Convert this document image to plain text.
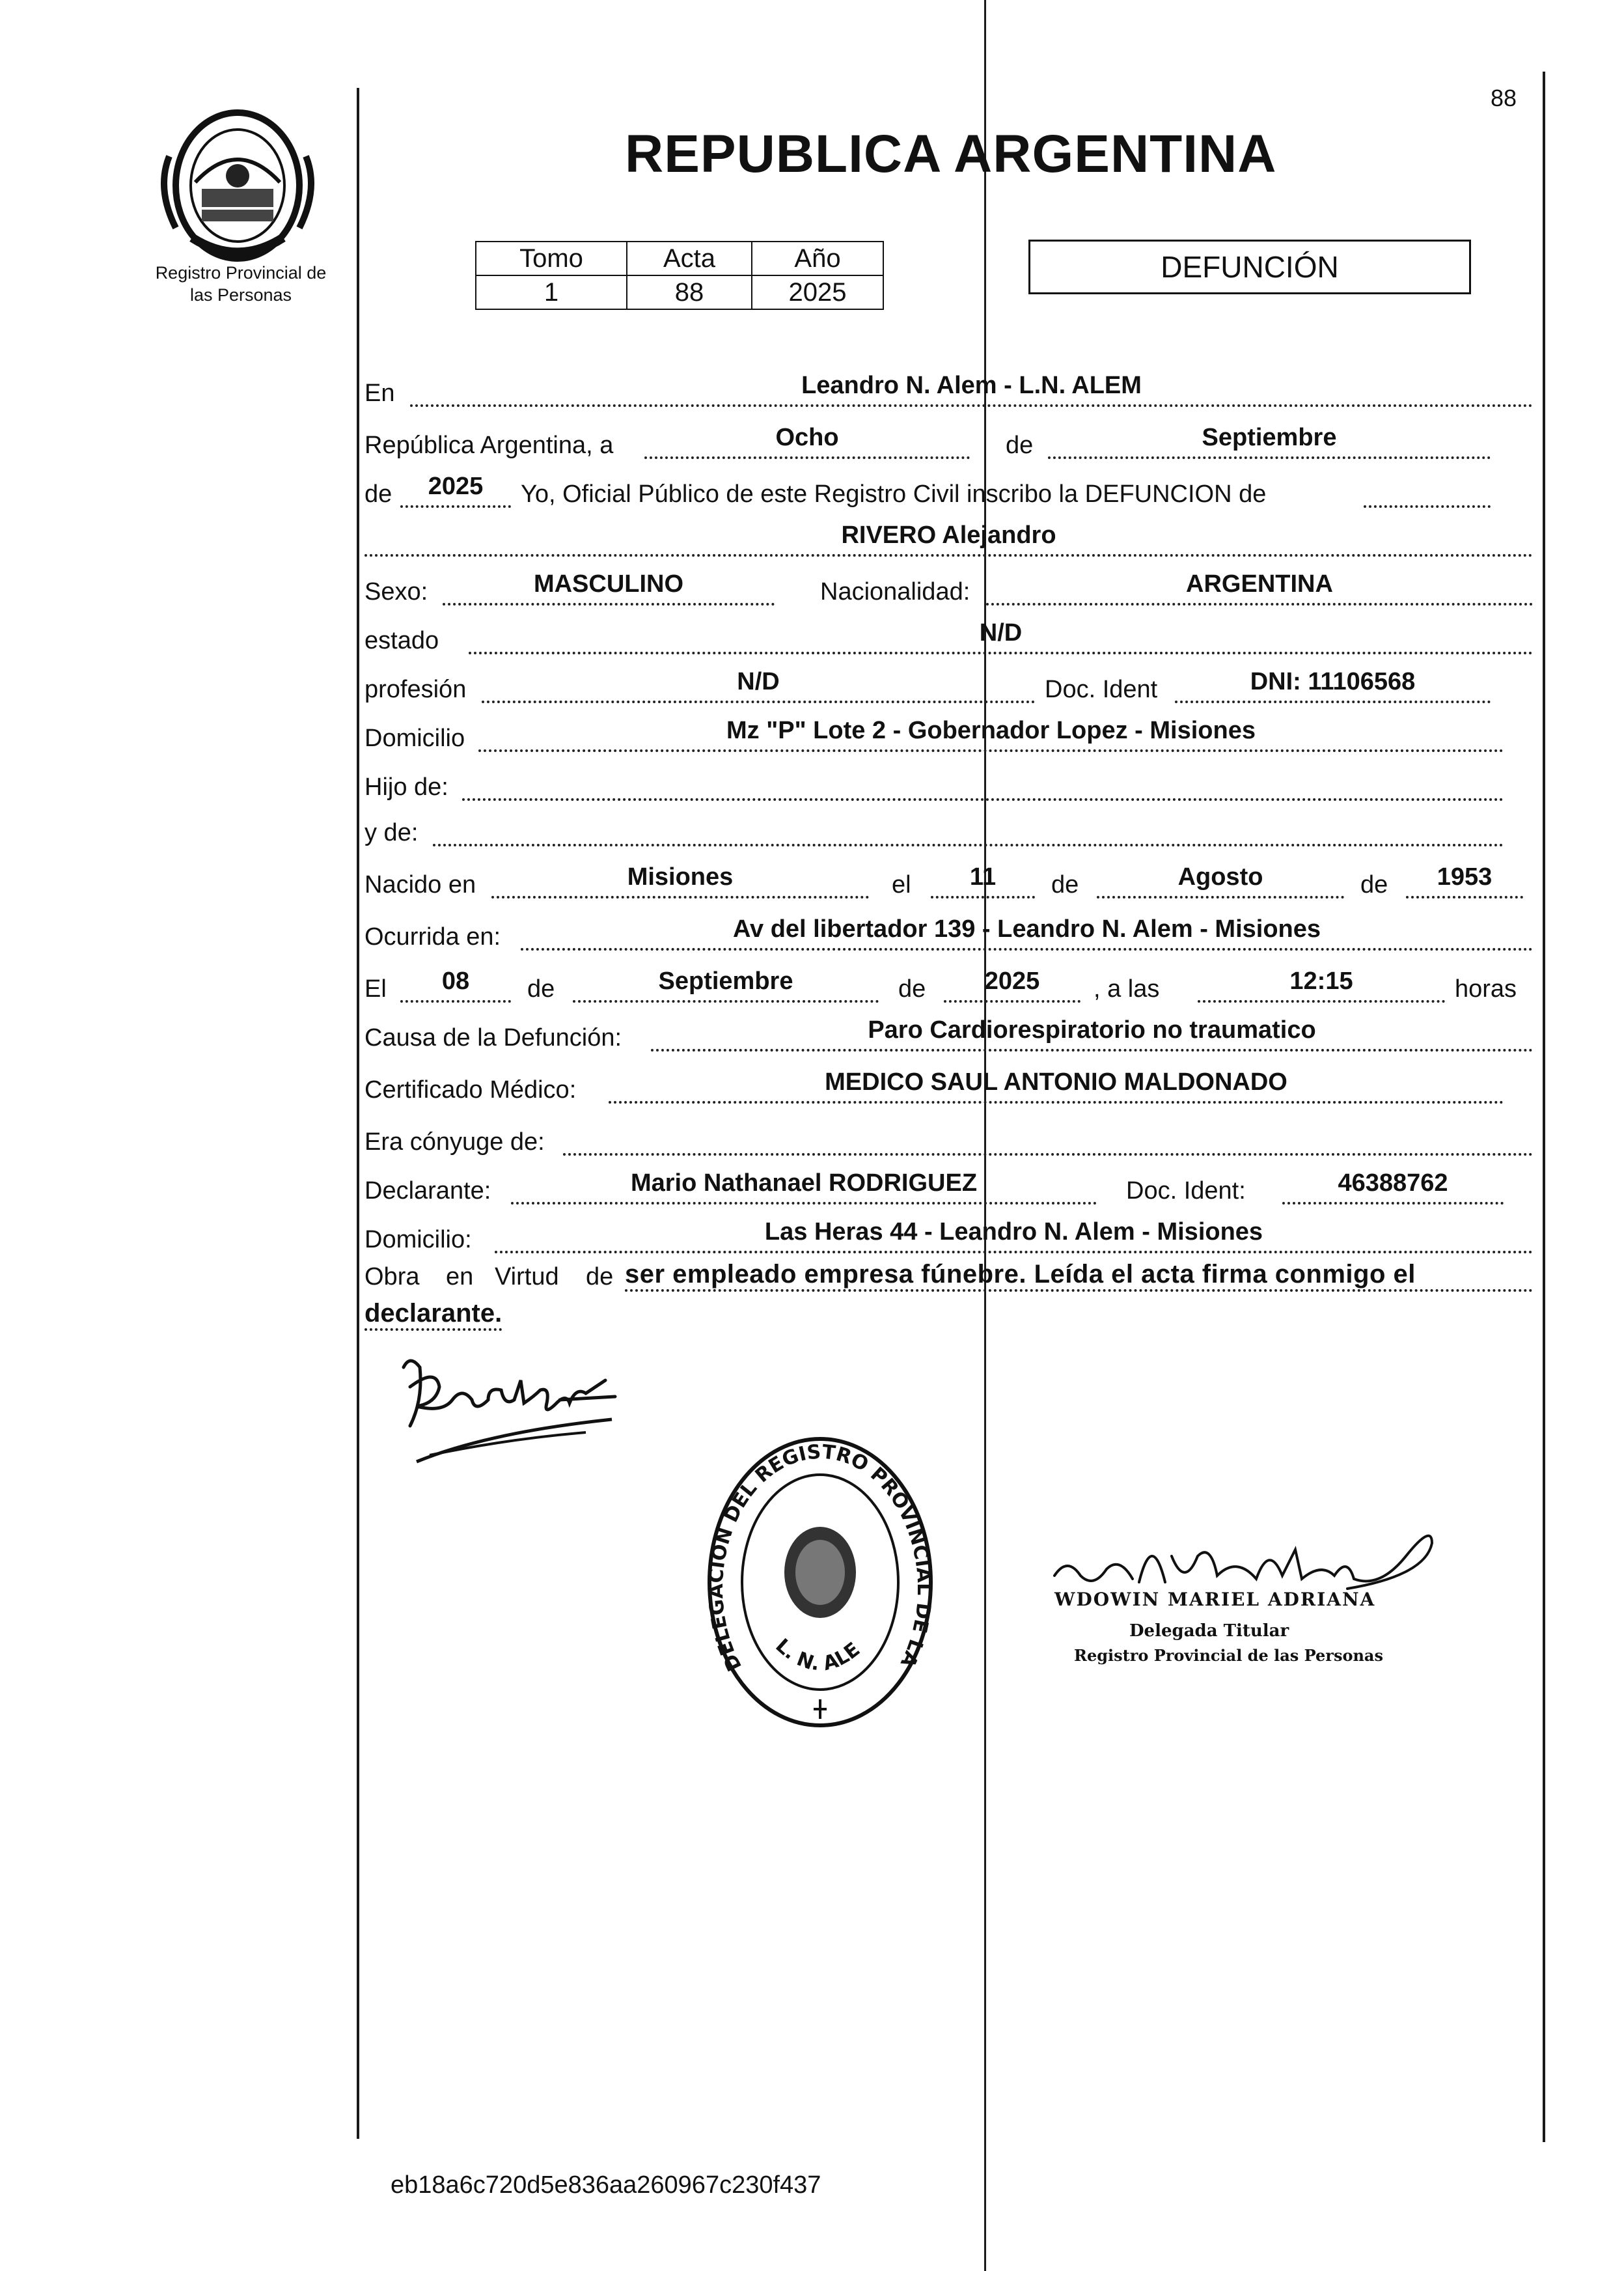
88
Registro Provincial de
las Personas
REPUBLICA ARGENTINA
Tomo	Acta	Año
1	88	2025
DEFUNCIÓN
En	Leandro N. Alem - L.N. ALEM
República Argentina, a	Ocho	de	Septiembre
de	2025	Yo, Oficial Público de este Registro Civil inscribo la DEFUNCION de
RIVERO Alejandro
Sexo:	MASCULINO	Nacionalidad:	ARGENTINA
estado	N/D
profesión	N/D	Doc. Ident	DNI: 11106568
Domicilio	Mz "P" Lote 2 - Gobernador Lopez - Misiones
Hijo de:
y de:
Nacido en	Misiones	el	11	de	Agosto	de	1953
Ocurrida en:	Av del libertador 139 - Leandro N. Alem - Misiones
El	08	de	Septiembre	de	2025	, a las	12:15	horas
Causa de la Defunción:	Paro Cardiorespiratorio no traumatico
Certificado Médico:	MEDICO SAUL ANTONIO MALDONADO
Era cónyuge de:
Declarante:	Mario Nathanael RODRIGUEZ	Doc. Ident:	46388762
Domicilio:	Las Heras 44 - Leandro N. Alem - Misiones
Obra en Virtud de ser empleado empresa fúnebre. Leída el acta firma conmigo el
declarante.
DELEGACION DEL REGISTRO PROVINCIAL DE LA
L. N. ALE
WDOWIN MARIEL ADRIANA
Delegada Titular
Registro Provincial de las Personas
eb18a6c720d5e836aa260967c230f437
